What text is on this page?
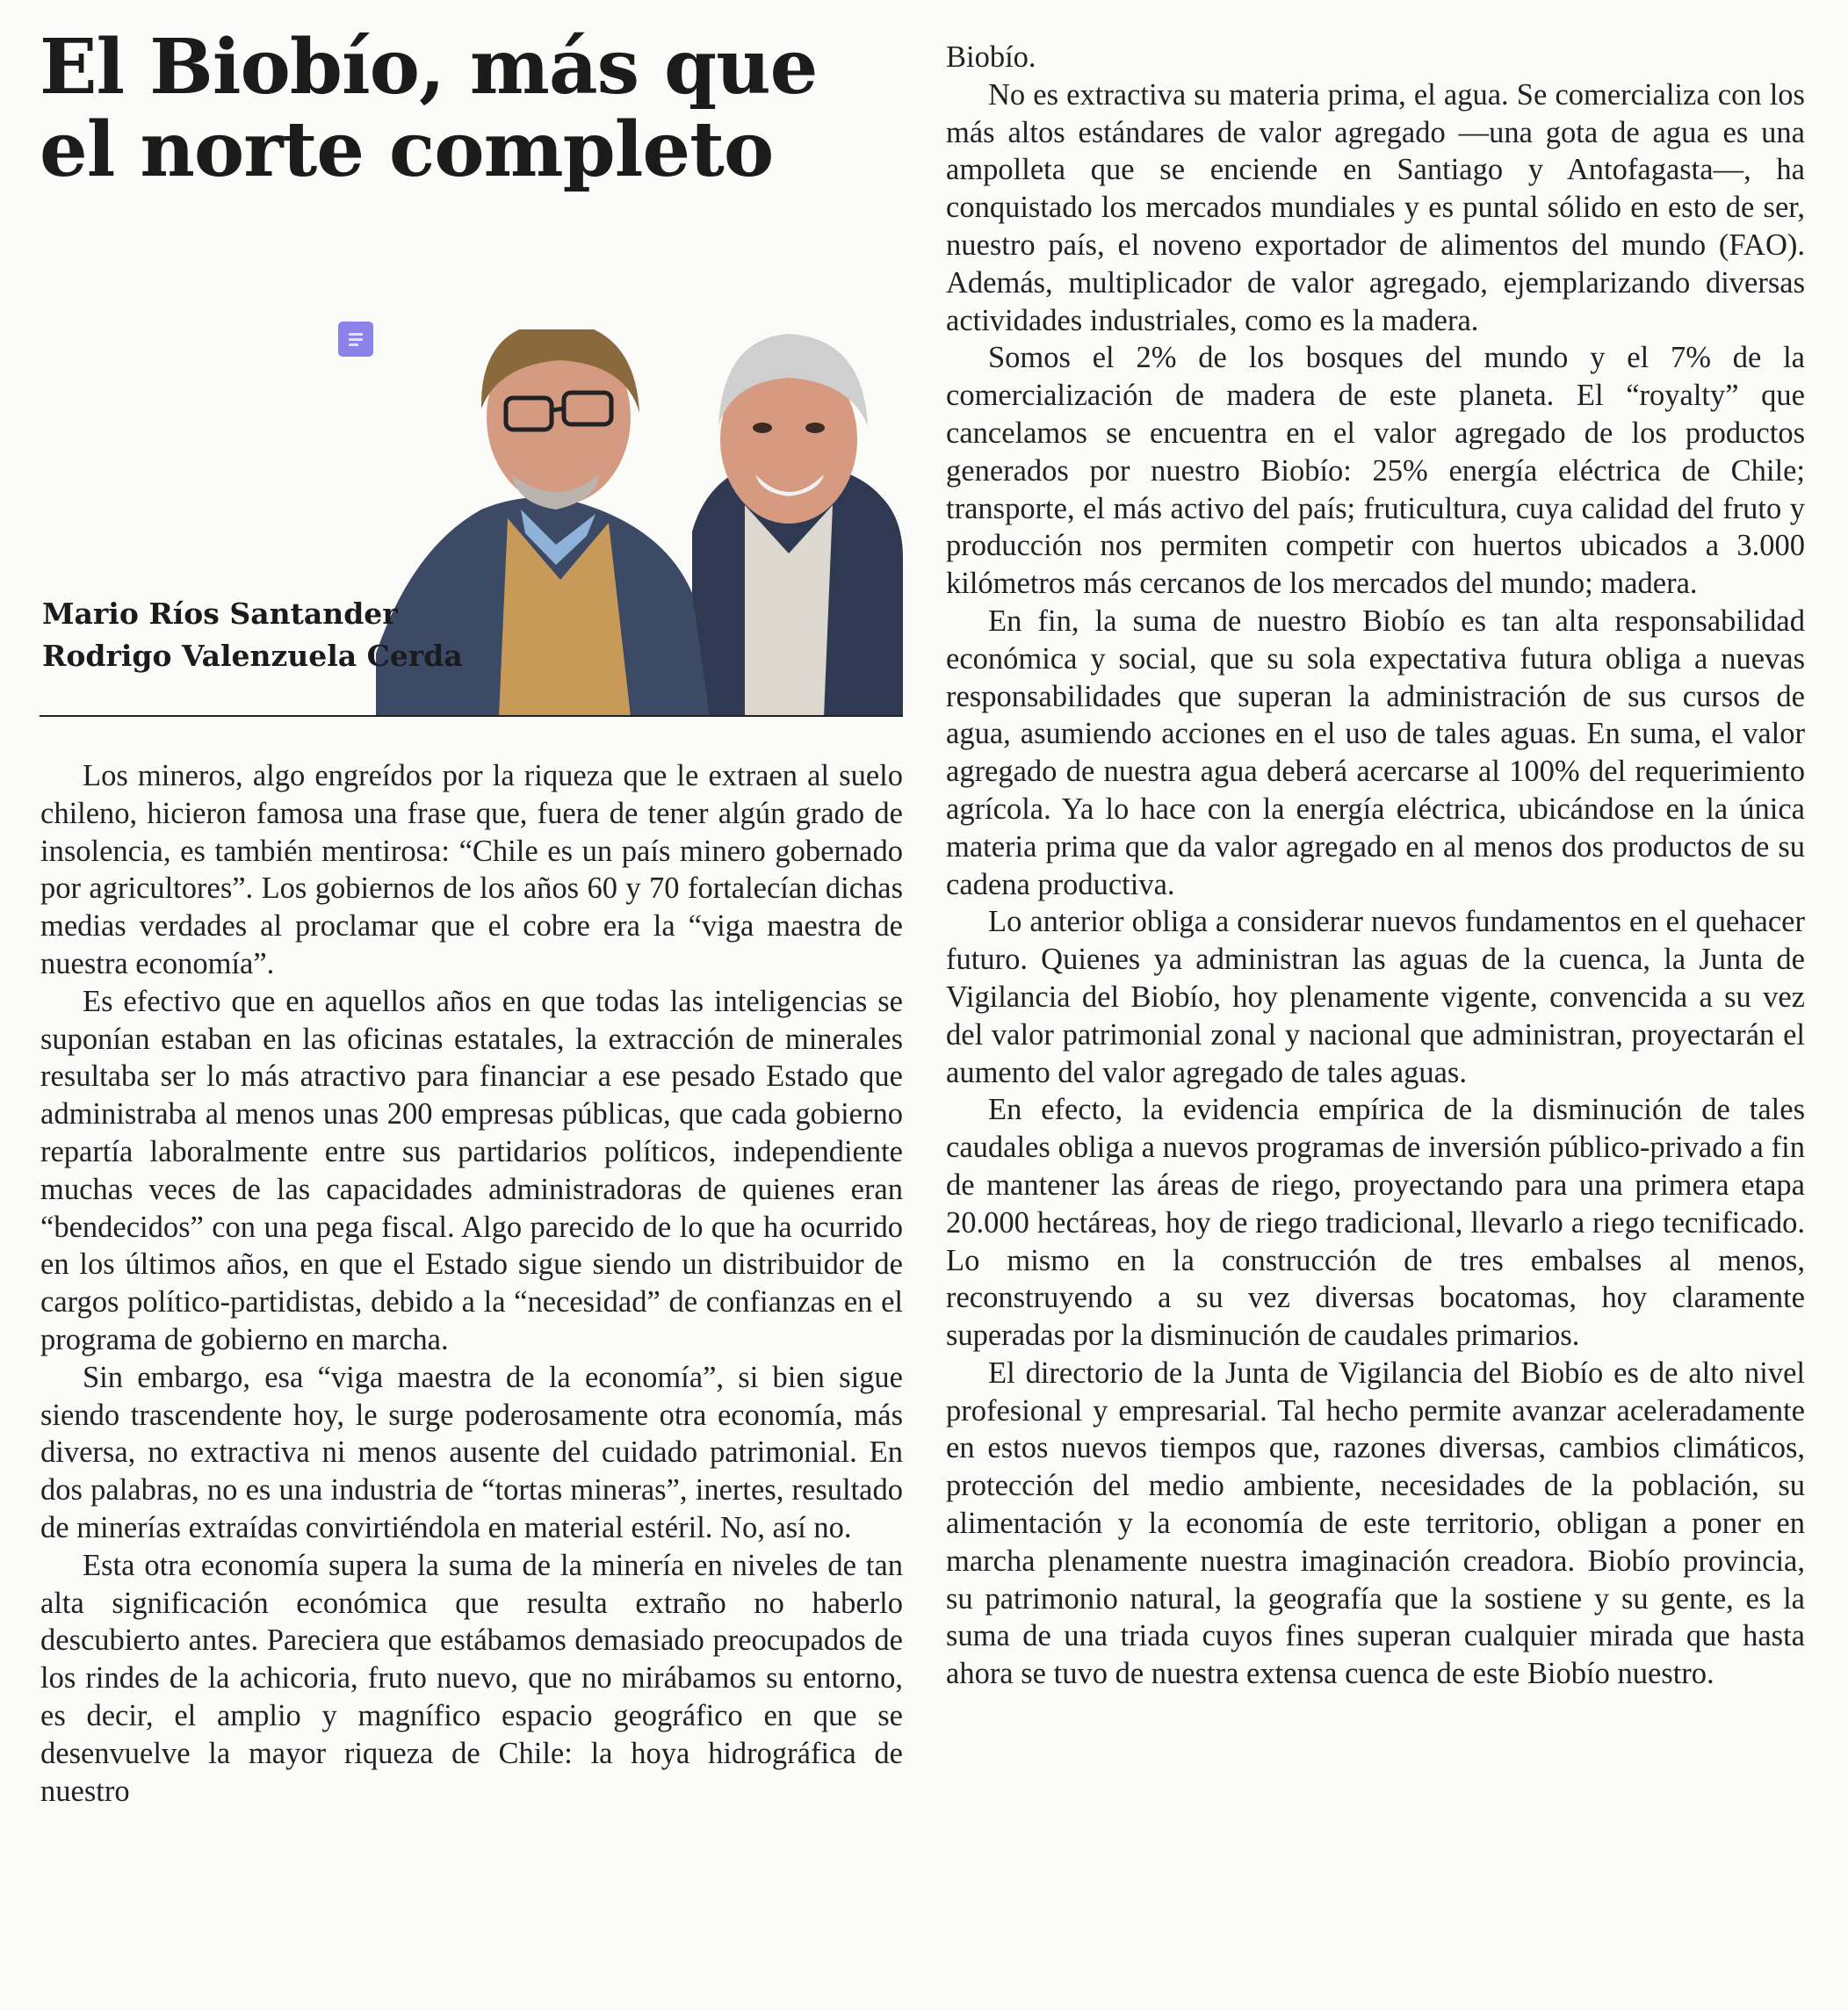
El Biobío, más que el norte completo
Mario Ríos Santander
Rodrigo Valenzuela Cerda

Los mineros, algo engreídos por la riqueza que le extraen al suelo chileno, hicieron famosa una frase que, fuera de tener algún grado de insolencia, es también mentirosa: “Chile es un país minero gobernado por agricultores”. Los gobiernos de los años 60 y 70 fortalecían dichas medias verdades al proclamar que el cobre era la “viga maestra de nuestra economía”.

Es efectivo que en aquellos años en que todas las inteligencias se suponían estaban en las oficinas estatales, la extracción de minerales resultaba ser lo más atractivo para financiar a ese pesado Estado que administraba al menos unas 200 empresas públicas, que cada gobierno repartía laboralmente entre sus partidarios políticos, independiente muchas veces de las capacidades administradoras de quienes eran “bendecidos” con una pega fiscal. Algo parecido de lo que ha ocurrido en los últimos años, en que el Estado sigue siendo un distribuidor de cargos político-partidistas, debido a la “necesidad” de confianzas en el programa de gobierno en marcha.

Sin embargo, esa “viga maestra de la economía”, si bien sigue siendo trascendente hoy, le surge poderosamente otra economía, más diversa, no extractiva ni menos ausente del cuidado patrimonial. En dos palabras, no es una industria de “tortas mineras”, inertes, resultado de minerías extraídas convirtiéndola en material estéril. No, así no.

Esta otra economía supera la suma de la minería en niveles de tan alta significación económica que resulta extraño no haberlo descubierto antes. Pareciera que estábamos demasiado preocupados de los rindes de la achicoria, fruto nuevo, que no mirábamos su entorno, es decir, el amplio y magnífico espacio geográfico en que se desenvuelve la mayor riqueza de Chile: la hoya hidrográfica de nuestro

Biobío.

No es extractiva su materia prima, el agua. Se comercializa con los más altos estándares de valor agregado —una gota de agua es una ampolleta que se enciende en Santiago y Antofagasta—, ha conquistado los mercados mundiales y es puntal sólido en esto de ser, nuestro país, el noveno exportador de alimentos del mundo (FAO). Además, multiplicador de valor agregado, ejemplarizando diversas actividades industriales, como es la madera.

Somos el 2% de los bosques del mundo y el 7% de la comercialización de madera de este planeta. El “royalty” que cancelamos se encuentra en el valor agregado de los productos generados por nuestro Biobío: 25% energía eléctrica de Chile; transporte, el más activo del país; fruticultura, cuya calidad del fruto y producción nos permiten competir con huertos ubicados a 3.000 kilómetros más cercanos de los mercados del mundo; madera.

En fin, la suma de nuestro Biobío es tan alta responsabilidad económica y social, que su sola expectativa futura obliga a nuevas responsabilidades que superan la administración de sus cursos de agua, asumiendo acciones en el uso de tales aguas. En suma, el valor agregado de nuestra agua deberá acercarse al 100% del requerimiento agrícola. Ya lo hace con la energía eléctrica, ubicándose en la única materia prima que da valor agregado en al menos dos productos de su cadena productiva.

Lo anterior obliga a considerar nuevos fundamentos en el quehacer futuro. Quienes ya administran las aguas de la cuenca, la Junta de Vigilancia del Biobío, hoy plenamente vigente, convencida a su vez del valor patrimonial zonal y nacional que administran, proyectarán el aumento del valor agregado de tales aguas.

En efecto, la evidencia empírica de la disminución de tales caudales obliga a nuevos programas de inversión público-privado a fin de mantener las áreas de riego, proyectando para una primera etapa 20.000 hectáreas, hoy de riego tradicional, llevarlo a riego tecnificado. Lo mismo en la construcción de tres embalses al menos, reconstruyendo a su vez diversas bocatomas, hoy claramente superadas por la disminución de caudales primarios.

El directorio de la Junta de Vigilancia del Biobío es de alto nivel profesional y empresarial. Tal hecho permite avanzar aceleradamente en estos nuevos tiempos que, razones diversas, cambios climáticos, protección del medio ambiente, necesidades de la población, su alimentación y la economía de este territorio, obligan a poner en marcha plenamente nuestra imaginación creadora. Biobío provincia, su patrimonio natural, la geografía que la sostiene y su gente, es la suma de una triada cuyos fines superan cualquier mirada que hasta ahora se tuvo de nuestra extensa cuenca de este Biobío nuestro.
